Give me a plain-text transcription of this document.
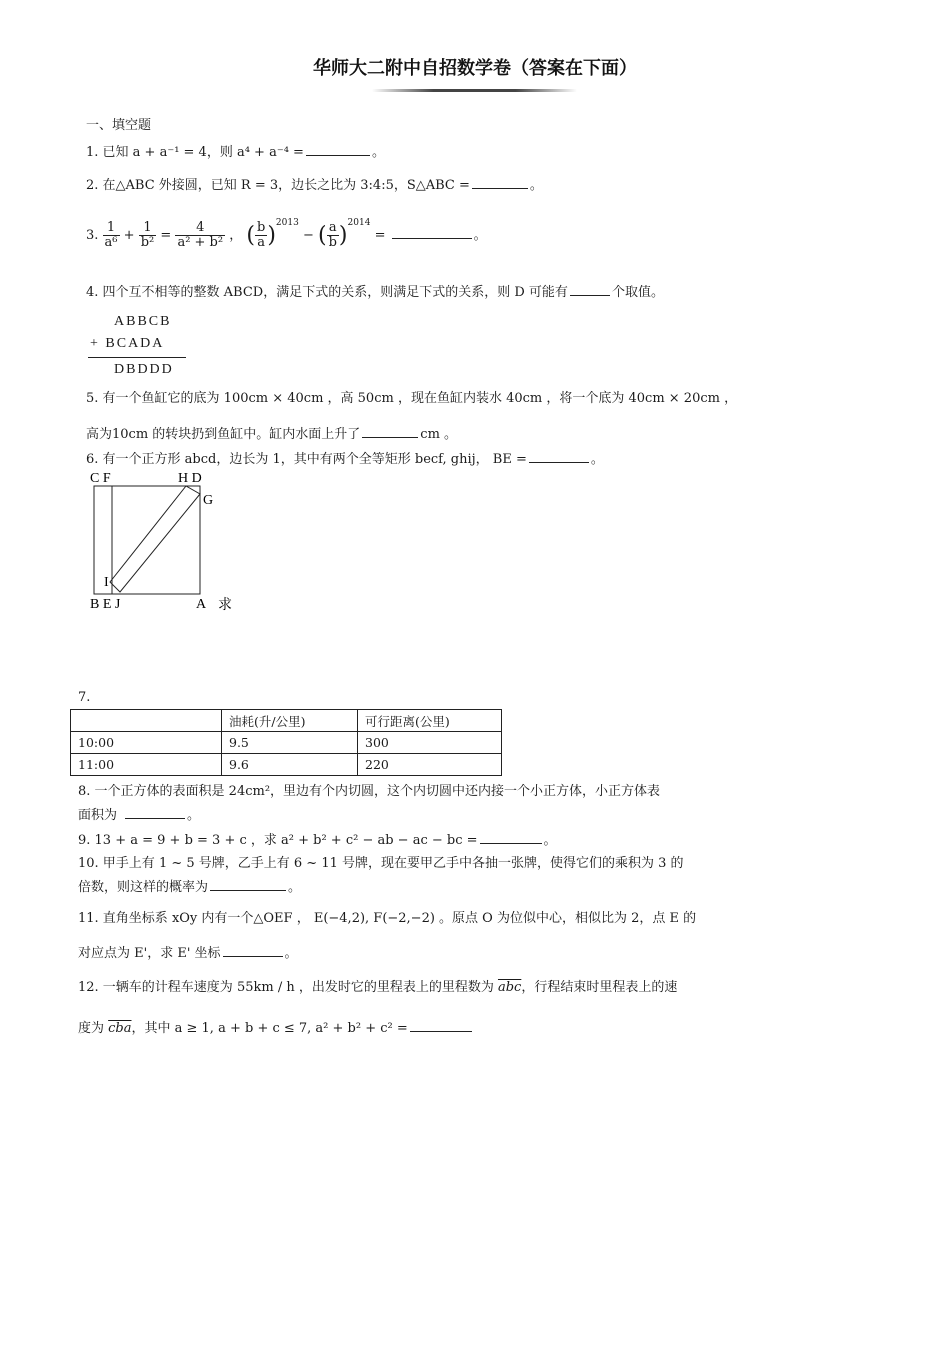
华师大二附中自招数学卷（答案在下面）
一、填空题
1. 已知 a + a⁻¹ = 4，则 a⁴ + a⁻⁴ =	。
2. 在△ABC 外接圆，已知 R = 3，边长之比为 3:4:5，S△ABC =	。
3. $\frac{1}{\text{a⁶}} + \frac{1}{\text{b²}} = \frac{4}{\text{a² + b²}}$ ， ( $\frac{b}{a} )^{2013}$ − ( $\frac{a}{b} )^{2014}$ =	。
4. 四个互不相等的整数 ABCD，满足下式的关系，则满足下式的关系，则 D 可能有	个取值。
ABBCB
+ BCADA
DBDDD
5. 有一个鱼缸它的底为 100cm × 40cm ，高 50cm ，现在鱼缸内装水 40cm ，将一个底为 40cm × 20cm ，
高为10cm 的转块扔到鱼缸中。缸内水面上升了	cm 。
6. 有一个正方形 abcd，边长为 1，其中有两个全等矩形 becf, ghij， BE =	。
C F	H D
G
I
B E J	A 求
7.
	油耗(升/公里)	可行距离(公里)
10:00	9.5	300
11:00	9.6	220
8. 一个正方体的表面积是 24cm²，里边有个内切圆，这个内切圆中还内接一个小正方体，小正方体表
面积为	。
9. 13 + a = 9 + b = 3 + c ，求 a² + b² + c² − ab − ac − bc =	。
10. 甲手上有 1 ~ 5 号牌，乙手上有 6 ~ 11 号牌，现在要甲乙手中各抽一张牌，使得它们的乘积为 3 的
倍数，则这样的概率为	。
11. 直角坐标系 xOy 内有一个△OEF ， E(−4,2), F(−2,−2) 。原点 O 为位似中心，相似比为 2，点 E 的
对应点为 E'，求 E' 坐标	。
12. 一辆车的计程车速度为 55km / h ，出发时它的里程表上的里程数为 $\overline{abc}$，行程结束时里程表上的速
度为 $\overline{cba}$，其中 a ≥ 1, a + b + c ≤ 7, a² + b² + c² =
